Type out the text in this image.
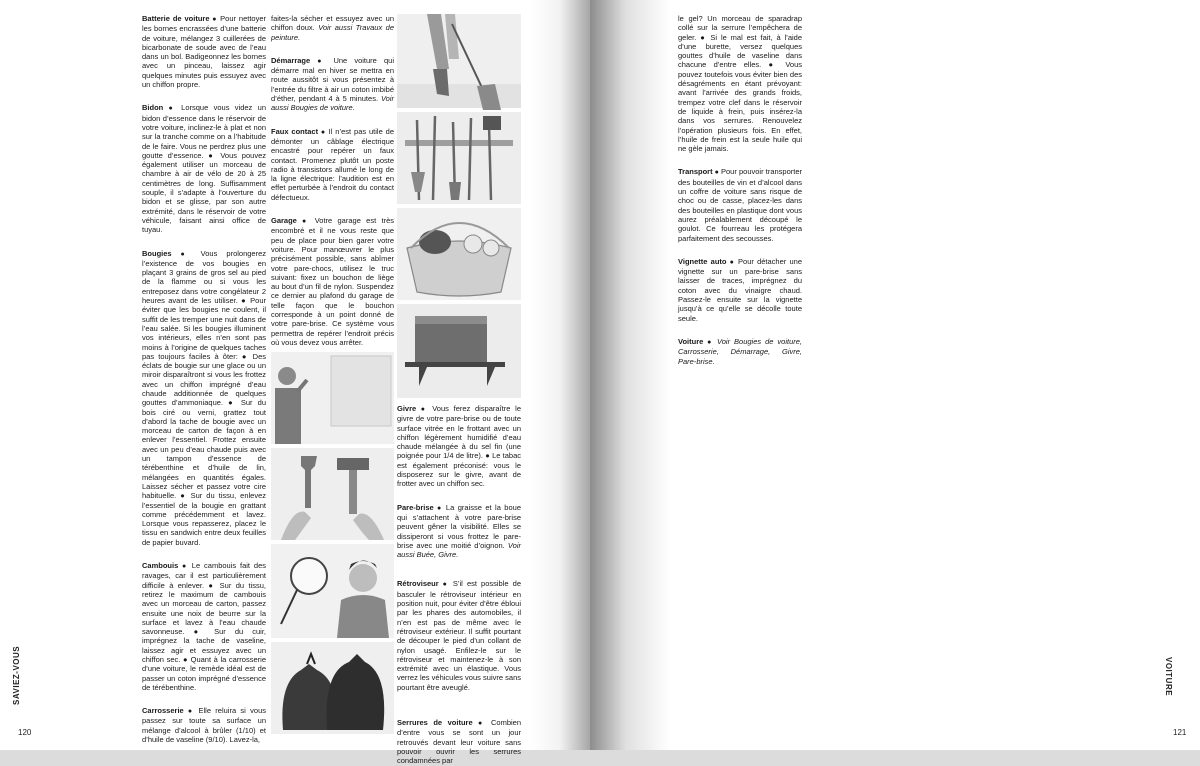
Batterie de voiture ● Pour nettoyer les bornes encrassées d’une batterie de voiture, mélangez 3 cuillerées de bicarbonate de soude avec de l’eau dans un bol. Badigeonnez les bornes avec un pinceau, laissez agir quelques minutes puis essuyez avec un chiffon propre.

Bidon ● Lorsque vous videz un bidon d’essence dans le réservoir de votre voiture, inclinez-le à plat et non sur la tranche comme on a l’habitude de le faire. Vous ne perdrez plus une goutte d’essence. ● Vous pouvez également utiliser un morceau de chambre à air de vélo de 20 à 25 centimètres de long. Suffisamment souple, il s’adapte à l’ouverture du bidon et se glisse, par son autre extrémité, dans le réservoir de votre véhicule, faisant ainsi office de tuyau.

Bougies ● Vous prolongerez l’existence de vos bougies en plaçant 3 grains de gros sel au pied de la flamme ou si vous les entreposez dans votre congélateur 2 heures avant de les utiliser. ● Pour éviter que les bougies ne coulent, il suffit de les tremper une nuit dans de l’eau salée. Si les bougies illuminent vos intérieurs, elles n’en sont pas moins à l’origine de quelques taches pas toujours faciles à ôter: ● Des éclats de bougie sur une glace ou un miroir disparaîtront si vous les frottez avec un chiffon imprégné d’eau chaude additionnée de quelques gouttes d’ammoniaque. ● Sur du bois ciré ou verni, grattez tout d’abord la tache de bougie avec un morceau de carton de façon à en enlever l’essentiel. Frottez ensuite avec un peu d’eau chaude puis avec un tampon d’essence de térébenthine et d’huile de lin, mélangées en quantités égales. Laissez sécher et passez votre cire habituelle. ● Sur du tissu, enlevez l’essentiel de la bougie en grattant comme précédemment et lavez. Lorsque vous repasserez, placez le tissu en sandwich entre deux feuilles de papier buvard.

Cambouis ● Le cambouis fait des ravages, car il est particulièrement difficile à enlever. ● Sur du tissu, retirez le maximum de cambouis avec un morceau de carton, passez ensuite une noix de beurre sur la surface et lavez à l’eau chaude savonneuse. ● Sur du cuir, imprégnez la tache de vaseline, laissez agir et essuyez avec un chiffon sec. ● Quant à la carrosserie d’une voiture, le remède idéal est de passer un coton imprégné d’essence de térébenthine.

Carrosserie ● Elle reluira si vous passez sur toute sa surface un mélange d’alcool à brûler (1/10) et d’huile de vaseline (9/10). Lavez-la,

faites-la sécher et essuyez avec un chiffon doux. Voir aussi Travaux de peinture.

Démarrage ● Une voiture qui démarre mal en hiver se mettra en route aussitôt si vous présentez à l’entrée du filtre à air un coton imbibé d’éther, pendant 4 à 5 minutes. Voir aussi Bougies de voiture.

Faux contact ● Il n’est pas utile de démonter un câblage électrique encastré pour repérer un faux contact. Promenez plutôt un poste radio à transistors allumé le long de la ligne électrique: l’audition est en effet perturbée à l’endroit du contact défectueux.

Garage ● Votre garage est très encombré et il ne vous reste que peu de place pour bien garer votre voiture. Pour manœuvrer le plus précisément possible, sans abîmer votre pare-chocs, utilisez le truc suivant: fixez un bouchon de liège au bout d’un fil de nylon. Suspendez ce dernier au plafond du garage de telle façon que le bouchon corresponde à un point donné de votre pare-brise. Ce système vous permettra de repérer l’endroit précis où vous devez vous arrêter.

SAVIEZ-VOUS
120

Givre ● Vous ferez disparaître le givre de votre pare-brise ou de toute surface vitrée en le frottant avec un chiffon légèrement humidifié d’eau chaude mélangée à du sel fin (une poignée pour 1/4 de litre). ● Le tabac est également préconisé: vous le disposerez sur le givre, avant de frotter avec un chiffon sec.

Pare-brise ● La graisse et la boue qui s’attachent à votre pare-brise peuvent gêner la visibilité. Elles se dissiperont si vous frottez le pare-brise avec une moitié d’oignon. Voir aussi Buée, Givre.

Rétroviseur ● S’il est possible de basculer le rétroviseur intérieur en position nuit, pour éviter d’être ébloui par les phares des automobiles, il n’en est pas de même avec le rétroviseur extérieur. Il suffit pourtant de découper le pied d’un collant de nylon usagé. Enfilez-le sur le rétroviseur et maintenez-le à son extrémité avec un élastique. Vous verrez les véhicules vous suivre sans pourtant être aveuglé.

Serrures de voiture ● Combien d’entre vous se sont un jour retrouvés devant leur voiture sans pouvoir ouvrir les serrures condamnées par

le gel? Un morceau de sparadrap collé sur la serrure l’empêchera de geler. ● Si le mal est fait, à l’aide d’une burette, versez quelques gouttes d’huile de vaseline dans chacune d’entre elles. ● Vous pouvez toutefois vous éviter bien des désagréments en étant prévoyant: avant l’arrivée des grands froids, trempez votre clef dans le réservoir de liquide à frein, puis insérez-la dans vos serrures. Renouvelez l’opération plusieurs fois. En effet, l’huile de frein est la seule huile qui ne gèle jamais.

Transport ● Pour pouvoir transporter des bouteilles de vin et d’alcool dans un coffre de voiture sans risque de choc ou de casse, placez-les dans des bouteilles en plastique dont vous aurez préalablement découpé le goulot. Ce fourreau les protégera parfaitement des secousses.

Vignette auto ● Pour détacher une vignette sur un pare-brise sans laisser de traces, imprégnez du coton avec du vinaigre chaud. Passez-le ensuite sur la vignette jusqu’à ce qu’elle se décolle toute seule.

Voiture ● Voir Bougies de voiture, Carrosserie, Démarrage, Givre, Pare-brise.

121
VOITURE
